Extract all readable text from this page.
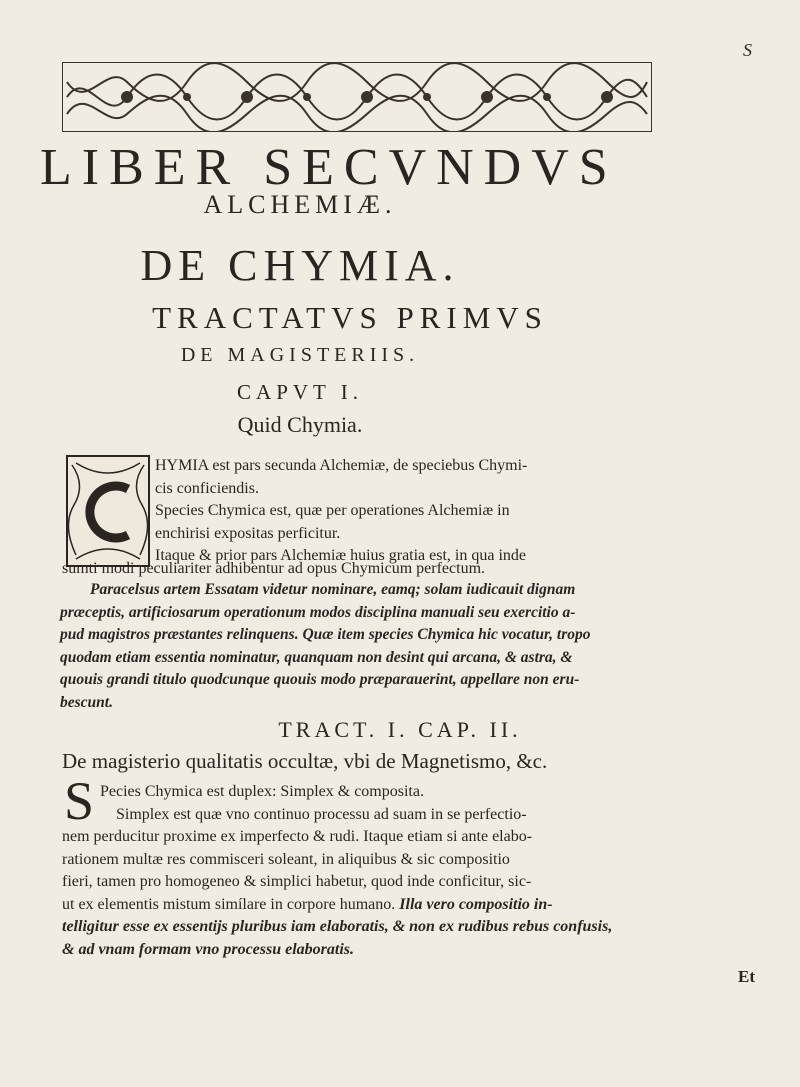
S
LIBER SECVNDVS
ALCHEMIÆ.
DE CHYMIA.
TRACTATVS PRIMVS
DE MAGISTERIIS.
CAPVT I.
Quid Chymia.
HYMIA est pars secunda Alchemiæ, de speciebus Chymi-
cis conficiendis.
Species Chymica est, quæ per operationes Alchemiæ in
enchirisi expositas perficitur.
Itaque & prior pars Alchemiæ huius gratia est, in qua inde
sumti modi peculiariter adhibentur ad opus Chymicum perfectum.
Paracelsus artem Essatam videtur nominare, eamq; solam iudicauit dignam
præceptis, artificiosarum operationum modos disciplina manuali seu exercitio a-
pud magistros præstantes relinquens. Quæ item species Chymica hic vocatur, tropo
quodam etiam essentia nominatur, quanquam non desint qui arcana, & astra, &
quouis grandi titulo quodcunque quouis modo præparauerint, appellare non eru-
bescunt.
TRACT. I. CAP. II.
De magisterio qualitatis occultæ, vbi de Magnetismo, &c.
S Pecies Chymica est duplex: Simplex & composita.
Simplex est quæ vno continuo processu ad suam in se perfectio-
nem perducitur proxime ex imperfecto & rudi. Itaque etiam si ante elabo-
rationem multæ res commisceri soleant, in aliquibus & sic compositio
fieri, tamen pro homogeneo & simplici habetur, quod inde conficitur, sic-
ut ex elementis mistum simílare in corpore humano. Illa vero compositio in-
telligitur esse ex essentijs pluribus iam elaboratis, & non ex rudibus rebus confusis,
& ad vnam formam vno processu elaboratis.
Et
